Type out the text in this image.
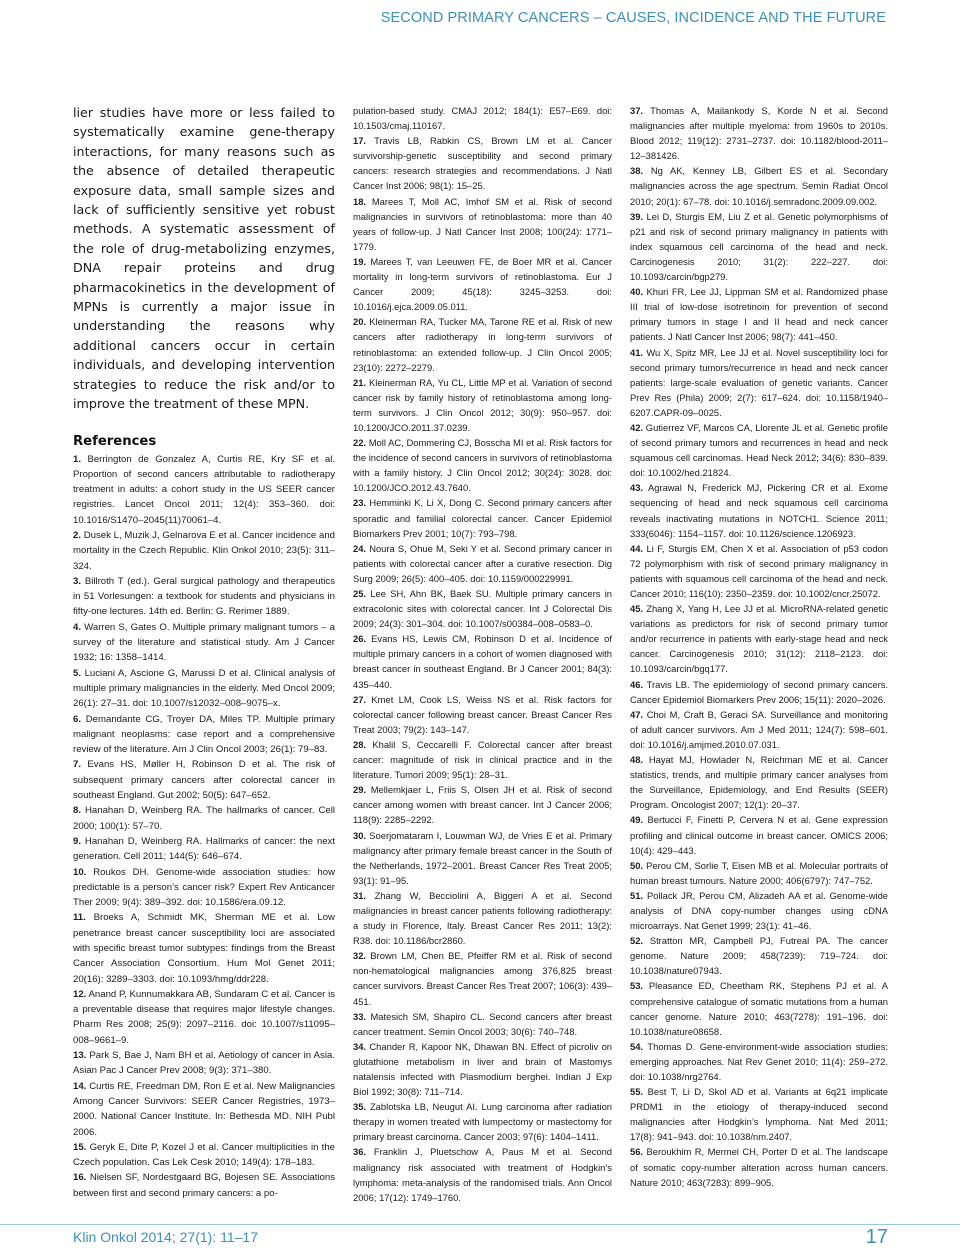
SECOND PRIMARY CANCERS – CAUSES, INCIDENCE AND THE FUTURE

lier studies have more or less failed to systematically examine gene-therapy interactions, for many reasons such as the absence of detailed therapeutic exposure data, small sample sizes and lack of sufficiently sensitive yet robust methods. A systematic assessment of the role of drug-metabolizing enzymes, DNA repair proteins and drug pharmacokinetics in the development of MPNs is currently a major issue in understanding the reasons why additional cancers occur in certain individuals, and developing intervention strategies to reduce the risk and/or to improve the treatment of these MPN.

References

1. Berrington de Gonzalez A, Curtis RE, Kry SF et al. Proportion of second cancers attributable to radiotherapy treatment in adults: a cohort study in the US SEER cancer registries. Lancet Oncol 2011; 12(4): 353–360. doi: 10.1016/S1470–2045(11)70061–4.

2. Dusek L, Muzik J, Gelnarova E et al. Cancer incidence and mortality in the Czech Republic. Klin Onkol 2010; 23(5): 311–324.

3. Billroth T (ed.). Geral surgical pathology and therapeutics in 51 Vorlesungen: a textbook for students and physicians in fifty-one lectures. 14th ed. Berlin: G. Rerimer 1889.

4. Warren S, Gates O. Multiple primary malignant tumors – a survey of the literature and statistical study. Am J Cancer 1932; 16: 1358–1414.

5. Luciani A, Ascione G, Marussi D et al. Clinical analysis of multiple primary malignancies in the elderly. Med Oncol 2009; 26(1): 27–31. doi: 10.1007/s12032–008–9075–x.

6. Demandante CG, Troyer DA, Miles TP. Multiple primary malignant neoplasms: case report and a comprehensive review of the literature. Am J Clin Oncol 2003; 26(1): 79–83.

7. Evans HS, Møller H, Robinson D et al. The risk of subsequent primary cancers after colorectal cancer in southeast England. Gut 2002; 50(5): 647–652.

8. Hanahan D, Weinberg RA. The hallmarks of cancer. Cell 2000; 100(1): 57–70.

9. Hanahan D, Weinberg RA. Hallmarks of cancer: the next generation. Cell 2011; 144(5): 646–674.

10. Roukos DH. Genome-wide association studies: how predictable is a person’s cancer risk? Expert Rev Anticancer Ther 2009; 9(4): 389–392. doi: 10.1586/era.09.12.

11. Broeks A, Schmidt MK, Sherman ME et al. Low penetrance breast cancer susceptibility loci are associated with specific breast tumor subtypes: findings from the Breast Cancer Association Consortium. Hum Mol Genet 2011; 20(16): 3289–3303. doi: 10.1093/hmg/ddr228.

12. Anand P, Kunnumakkara AB, Sundaram C et al. Cancer is a preventable disease that requires major lifestyle changes. Pharm Res 2008; 25(9): 2097–2116. doi: 10.1007/s11095–008–9661–9.

13. Park S, Bae J, Nam BH et al. Aetiology of cancer in Asia. Asian Pac J Cancer Prev 2008; 9(3): 371–380.

14. Curtis RE, Freedman DM, Ron E et al. New Malignancies Among Cancer Survivors: SEER Cancer Registries, 1973–2000. National Cancer Institute. In: Bethesda MD. NIH Publ 2006.

15. Geryk E, Dite P, Kozel J et al. Cancer multiplicities in the Czech population. Cas Lek Cesk 2010; 149(4): 178–183.

16. Nielsen SF, Nordestgaard BG, Bojesen SE. Associations between first and second primary cancers: a po-

pulation-based study. CMAJ 2012; 184(1): E57–E69. doi: 10.1503/cmaj.110167.

17. Travis LB, Rabkin CS, Brown LM et al. Cancer survivorship-genetic susceptibility and second primary cancers: research strategies and recommendations. J Natl Cancer Inst 2006; 98(1): 15–25.

18. Marees T, Moll AC, Imhof SM et al. Risk of second malignancies in survivors of retinoblastoma: more than 40 years of follow-up. J Natl Cancer Inst 2008; 100(24): 1771–1779.

19. Marees T, van Leeuwen FE, de Boer MR et al. Cancer mortality in long-term survivors of retinoblastoma. Eur J Cancer 2009; 45(18): 3245–3253. doi: 10.1016/j.ejca.2009.05.011.

20. Kleinerman RA, Tucker MA, Tarone RE et al. Risk of new cancers after radiotherapy in long-term survivors of retinoblastoma: an extended follow-up. J Clin Oncol 2005; 23(10): 2272–2279.

21. Kleinerman RA, Yu CL, Little MP et al. Variation of second cancer risk by family history of retinoblastoma among long-term survivors. J Clin Oncol 2012; 30(9): 950–957. doi: 10.1200/JCO.2011.37.0239.

22. Moll AC, Dommering CJ, Bosscha MI et al. Risk factors for the incidence of second cancers in survivors of retinoblastoma with a family history. J Clin Oncol 2012; 30(24): 3028. doi: 10.1200/JCO.2012.43.7640.

23. Hemminki K, Li X, Dong C. Second primary cancers after sporadic and familial colorectal cancer. Cancer Epidemiol Biomarkers Prev 2001; 10(7): 793–798.

24. Noura S, Ohue M, Seki Y et al. Second primary cancer in patients with colorectal cancer after a curative resection. Dig Surg 2009; 26(5): 400–405. doi: 10.1159/000229991.

25. Lee SH, Ahn BK, Baek SU. Multiple primary cancers in extracolonic sites with colorectal cancer. Int J Colorectal Dis 2009; 24(3): 301–304. doi: 10.1007/s00384–008–0583–0.

26. Evans HS, Lewis CM, Robinson D et al. Incidence of multiple primary cancers in a cohort of women diagnosed with breast cancer in southeast England. Br J Cancer 2001; 84(3): 435–440.

27. Kmet LM, Cook LS, Weiss NS et al. Risk factors for colorectal cancer following breast cancer. Breast Cancer Res Treat 2003; 79(2): 143–147.

28. Khalil S, Ceccarelli F. Colorectal cancer after breast cancer: magnitude of risk in clinical practice and in the literature. Tumori 2009; 95(1): 28–31.

29. Mellemkjaer L, Friis S, Olsen JH et al. Risk of second cancer among women with breast cancer. Int J Cancer 2006; 118(9): 2285–2292.

30. Soerjomataram I, Louwman WJ, de Vries E et al. Primary malignancy after primary female breast cancer in the South of the Netherlands, 1972–2001. Breast Cancer Res Treat 2005; 93(1): 91–95.

31. Zhang W, Becciolini A, Biggeri A et al. Second malignancies in breast cancer patients following radiotherapy: a study in Florence, Italy. Breast Cancer Res 2011; 13(2): R38. doi: 10.1186/bcr2860.

32. Brown LM, Chen BE, Pfeiffer RM et al. Risk of second non-hematological malignancies among 376,825 breast cancer survivors. Breast Cancer Res Treat 2007; 106(3): 439–451.

33. Matesich SM, Shapiro CL. Second cancers after breast cancer treatment. Semin Oncol 2003; 30(6): 740–748.

34. Chander R, Kapoor NK, Dhawan BN. Effect of picroliv on glutathione metabolism in liver and brain of Mastomys natalensis infected with Plasmodium berghei. Indian J Exp Biol 1992; 30(8): 711–714.

35. Zablotska LB, Neugut AI. Lung carcinoma after radiation therapy in women treated with lumpectomy or mastectomy for primary breast carcinoma. Cancer 2003; 97(6): 1404–1411.

36. Franklin J, Pluetschow A, Paus M et al. Second malignancy risk associated with treatment of Hodgkin’s lymphoma: meta-analysis of the randomised trials. Ann Oncol 2006; 17(12): 1749–1760.

37. Thomas A, Mailankody S, Korde N et al. Second malignancies after multiple myeloma: from 1960s to 2010s. Blood 2012; 119(12): 2731–2737. doi: 10.1182/blood-2011–12–381426.

38. Ng AK, Kenney LB, Gilbert ES et al. Secondary malignancies across the age spectrum. Semin Radiat Oncol 2010; 20(1): 67–78. doi: 10.1016/j.semradonc.2009.09.002.

39. Lei D, Sturgis EM, Liu Z et al. Genetic polymorphisms of p21 and risk of second primary malignancy in patients with index squamous cell carcinoma of the head and neck. Carcinogenesis 2010; 31(2): 222–227. doi: 10.1093/carcin/bgp279.

40. Khuri FR, Lee JJ, Lippman SM et al. Randomized phase III trial of low-dose isotretinoin for prevention of second primary tumors in stage I and II head and neck cancer patients. J Natl Cancer Inst 2006; 98(7): 441–450.

41. Wu X, Spitz MR, Lee JJ et al. Novel susceptibility loci for second primary tumors/recurrence in head and neck cancer patients: large-scale evaluation of genetic variants. Cancer Prev Res (Phila) 2009; 2(7): 617–624. doi: 10.1158/1940–6207.CAPR-09–0025.

42. Gutierrez VF, Marcos CA, Llorente JL et al. Genetic profile of second primary tumors and recurrences in head and neck squamous cell carcinomas. Head Neck 2012; 34(6): 830–839. doi: 10.1002/hed.21824.

43. Agrawal N, Frederick MJ, Pickering CR et al. Exome sequencing of head and neck squamous cell carcinoma reveals inactivating mutations in NOTCH1. Science 2011; 333(6046): 1154–1157. doi: 10.1126/science.1206923.

44. Li F, Sturgis EM, Chen X et al. Association of p53 codon 72 polymorphism with risk of second primary malignancy in patients with squamous cell carcinoma of the head and neck. Cancer 2010; 116(10): 2350–2359. doi: 10.1002/cncr.25072.

45. Zhang X, Yang H, Lee JJ et al. MicroRNA-related genetic variations as predictors for risk of second primary tumor and/or recurrence in patients with early-stage head and neck cancer. Carcinogenesis 2010; 31(12): 2118–2123. doi: 10.1093/carcin/bgq177.

46. Travis LB. The epidemiology of second primary cancers. Cancer Epidemiol Biomarkers Prev 2006; 15(11): 2020–2026.

47. Choi M, Craft B, Geraci SA. Surveillance and monitoring of adult cancer survivors. Am J Med 2011; 124(7): 598–601. doi: 10.1016/j.amjmed.2010.07.031.

48. Hayat MJ, Howlader N, Reichman ME et al. Cancer statistics, trends, and multiple primary cancer analyses from the Surveillance, Epidemiology, and End Results (SEER) Program. Oncologist 2007; 12(1): 20–37.

49. Bertucci F, Finetti P, Cervera N et al. Gene expression profiling and clinical outcome in breast cancer. OMICS 2006; 10(4): 429–443.

50. Perou CM, Sorlie T, Eisen MB et al. Molecular portraits of human breast tumours. Nature 2000; 406(6797): 747–752.

51. Pollack JR, Perou CM, Alizadeh AA et al. Genome-wide analysis of DNA copy-number changes using cDNA microarrays. Nat Genet 1999; 23(1): 41–46.

52. Stratton MR, Campbell PJ, Futreal PA. The cancer genome. Nature 2009; 458(7239): 719–724. doi: 10.1038/nature07943.

53. Pleasance ED, Cheetham RK, Stephens PJ et al. A comprehensive catalogue of somatic mutations from a human cancer genome. Nature 2010; 463(7278): 191–196. doi: 10.1038/nature08658.

54. Thomas D. Gene-environment-wide association studies: emerging approaches. Nat Rev Genet 2010; 11(4): 259–272. doi: 10.1038/nrg2764.

55. Best T, Li D, Skol AD et al. Variants at 6q21 implicate PRDM1 in the etiology of therapy-induced second malignancies after Hodgkin’s lymphoma. Nat Med 2011; 17(8): 941–943. doi: 10.1038/nm.2407.

56. Beroukhim R, Mermel CH, Porter D et al. The landscape of somatic copy-number alteration across human cancers. Nature 2010; 463(7283): 899–905.

Klin Onkol 2014; 27(1): 11–17	17
